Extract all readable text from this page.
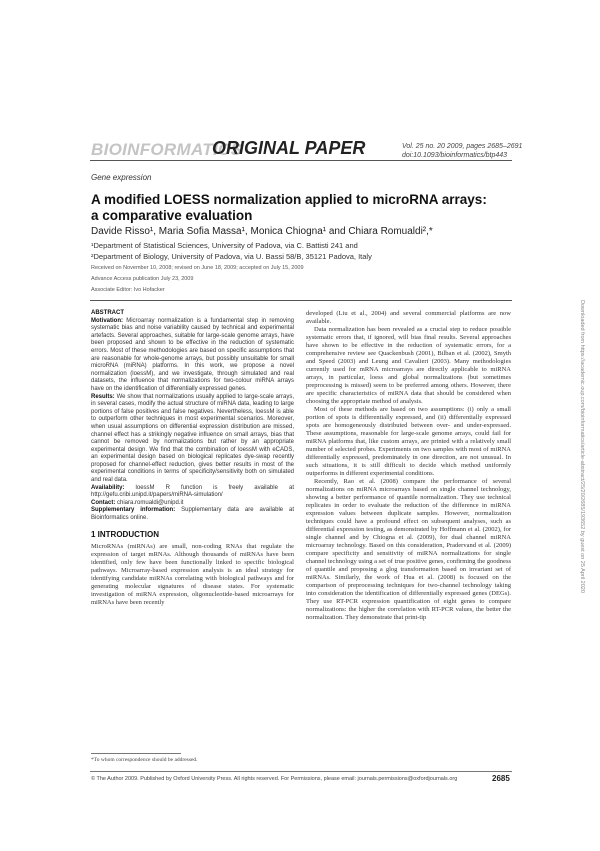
BIOINFORMATICS
ORIGINAL PAPER	Vol. 25 no. 20 2009, pages 2685–2691
doi:10.1093/bioinformatics/btp443
Gene expression
A modified LOESS normalization applied to microRNA arrays: a comparative evaluation
Davide Risso¹, Maria Sofia Massa¹, Monica Chiogna¹ and Chiara Romualdi²,*
¹Department of Statistical Sciences, University of Padova, via C. Battisti 241 and
²Department of Biology, University of Padova, via U. Bassi 58/B, 35121 Padova, Italy
Received on November 10, 2008; revised on June 18, 2009; accepted on July 15, 2009
Advance Access publication July 23, 2009
Associate Editor: Ivo Hofacker
ABSTRACT

Motivation: Microarray normalization is a fundamental step in removing systematic bias and noise variability caused by technical and experimental artefacts. Several approaches, suitable for large-scale genome arrays, have been proposed and shown to be effective in the reduction of systematic errors. Most of these methodologies are based on specific assumptions that are reasonable for whole-genome arrays, but possibly unsuitable for small microRNA (miRNA) platforms. In this work, we propose a novel normalization (loessM), and we investigate, through simulated and real datasets, the influence that normalizations for two-colour miRNA arrays have on the identification of differentially expressed genes.

Results: We show that normalizations usually applied to large-scale arrays, in several cases, modify the actual structure of miRNA data, leading to large portions of false positives and false negatives. Nevertheless, loessM is able to outperform other techniques in most experimental scenarios. Moreover, when usual assumptions on differential expression distribution are missed, channel effect has a strikingly negative influence on small arrays, bias that cannot be removed by normalizations but rather by an appropriate experimental design. We find that the combination of loessM with eCADS, an experimental design based on biological replicates dye-swap recently proposed for channel-effect reduction, gives better results in most of the experimental conditions in terms of specificity/sensitivity both on simulated and real data.

Availability: loessM R function is freely available at http://gefu.cribi.unipd.it/papers/miRNA-simulation/

Contact: chiara.romualdi@unipd.it

Supplementary information: Supplementary data are available at Bioinformatics online.

1 INTRODUCTION

MicroRNAs (miRNAs) are small, non-coding RNAs that regulate the expression of target mRNAs. Although thousands of miRNAs have been identified, only few have been functionally linked to specific biological pathways. Microarray-based expression analysis is an ideal strategy for identifying candidate miRNAs correlating with biological pathways and for generating molecular signatures of disease states. For systematic investigation of miRNA expression, oligonucleotide-based microarrays for miRNAs have been recently

developed (Liu et al., 2004) and several commercial platforms are now available.

Data normalization has been revealed as a crucial step to reduce possible systematic errors that, if ignored, will bias final results. Several approaches have shown to be effective in the reduction of systematic errors, for a comprehensive review see Quackenbush (2001), Bilban et al. (2002), Smyth and Speed (2003) and Leung and Cavalieri (2003). Many methodologies currently used for mRNA microarrays are directly applicable to miRNA arrays, in particular, loess and global normalizations (but sometimes preprocessing is missed) seem to be preferred among others. However, there are specific characteristics of miRNA data that should be considered when choosing the appropriate method of analysis.

Most of these methods are based on two assumptions: (i) only a small portion of spots is differentially expressed, and (ii) differentially expressed spots are homogeneously distributed between over- and under-expressed. These assumptions, reasonable for large-scale genome arrays, could fail for miRNA platforms that, like custom arrays, are printed with a relatively small number of selected probes. Experiments on two samples with most of miRNA differentially expressed, predominately in one direction, are not unusual. In such situations, it is still difficult to decide which method uniformly outperforms in different experimental conditions.

Recently, Rao et al. (2008) compare the performance of several normalizations on miRNA microarrays based on single channel technology, showing a better performance of quantile normalization. They use technical replicates in order to evaluate the reduction of the difference in miRNA expression values between duplicate samples. However, normalization techniques could have a profound effect on subsequent analyses, such as differential expression testing, as demonstrated by Hoffmann et al. (2002), for single channel and by Chiogna et al. (2009), for dual channel miRNA microarray technology. Based on this consideration, Pradervand et al. (2009) compare specificity and sensitivity of miRNA normalizations for single channel technology using a set of true positive genes, confirming the goodness of quantile and proposing a glog transformation based on invariant set of miRNAs. Similarly, the work of Hua et al. (2008) is focused on the comparison of preprocessing techniques for two-channel technology taking into consideration the identification of differentially expressed genes (DEGs). They use RT-PCR expression quantification of eight genes to compare normalizations: the higher the correlation with RT-PCR values, the better the normalization. They demonstrate that print-tip

*To whom correspondence should be addressed.
© The Author 2009. Published by Oxford University Press. All rights reserved. For Permissions, please email: journals.permissions@oxfordjournals.org	2685
Downloaded from https://academic.oup.com/bioinformatics/article-abstract/25/20/2685/193652 by guest on 25 April 2020
